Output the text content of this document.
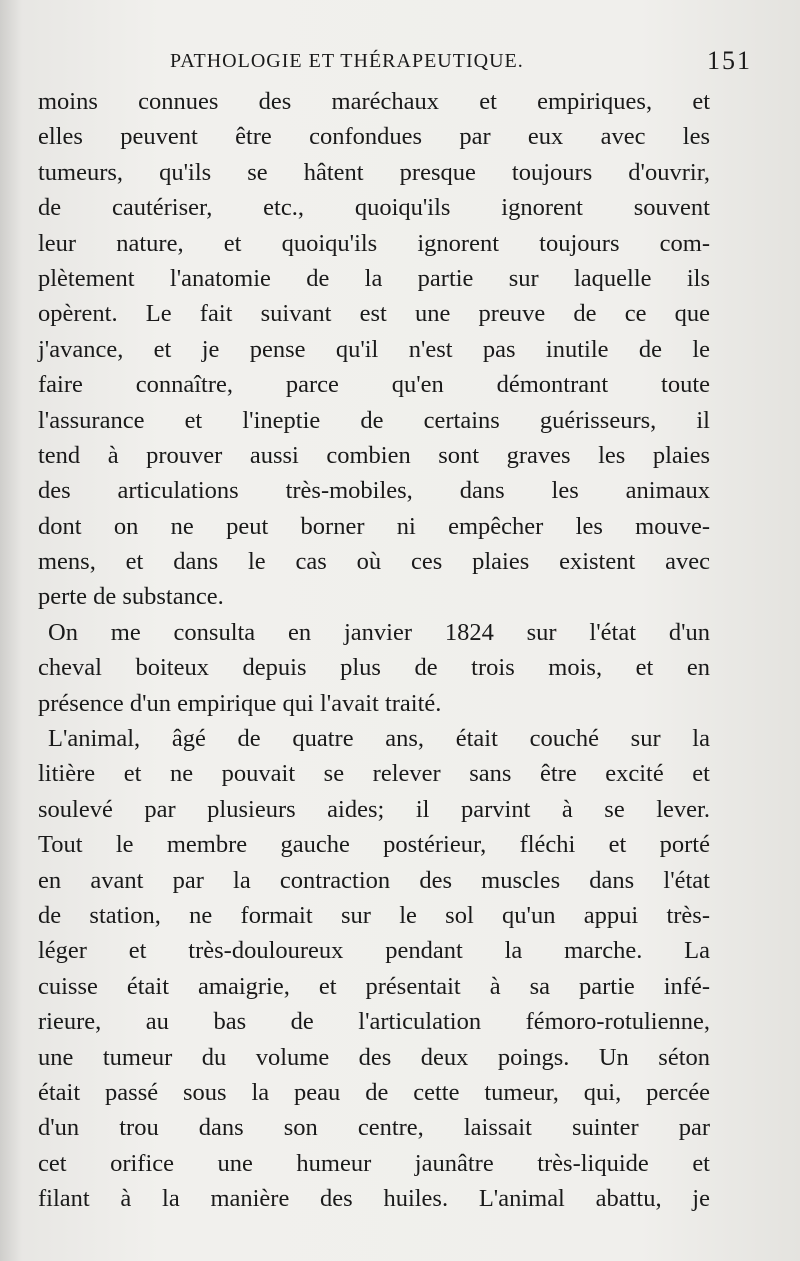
PATHOLOGIE ET THÉRAPEUTIQUE.	151
moins connues des maréchaux et empiriques, et
elles peuvent être confondues par eux avec les
tumeurs, qu'ils se hâtent presque toujours d'ouvrir,
de cautériser, etc., quoiqu'ils ignorent souvent
leur nature, et quoiqu'ils ignorent toujours com-
plètement l'anatomie de la partie sur laquelle ils
opèrent. Le fait suivant est une preuve de ce que
j'avance, et je pense qu'il n'est pas inutile de le
faire connaître, parce qu'en démontrant toute
l'assurance et l'ineptie de certains guérisseurs, il
tend à prouver aussi combien sont graves les plaies
des articulations très-mobiles, dans les animaux
dont on ne peut borner ni empêcher les mouve-
mens, et dans le cas où ces plaies existent avec
perte de substance.
On me consulta en janvier 1824 sur l'état d'un
cheval boiteux depuis plus de trois mois, et en
présence d'un empirique qui l'avait traité.
L'animal, âgé de quatre ans, était couché sur la
litière et ne pouvait se relever sans être excité et
soulevé par plusieurs aides; il parvint à se lever.
Tout le membre gauche postérieur, fléchi et porté
en avant par la contraction des muscles dans l'état
de station, ne formait sur le sol qu'un appui très-
léger et très-douloureux pendant la marche. La
cuisse était amaigrie, et présentait à sa partie infé-
rieure, au bas de l'articulation fémoro-rotulienne,
une tumeur du volume des deux poings. Un séton
était passé sous la peau de cette tumeur, qui, percée
d'un trou dans son centre, laissait suinter par
cet orifice une humeur jaunâtre très-liquide et
filant à la manière des huiles. L'animal abattu, je
